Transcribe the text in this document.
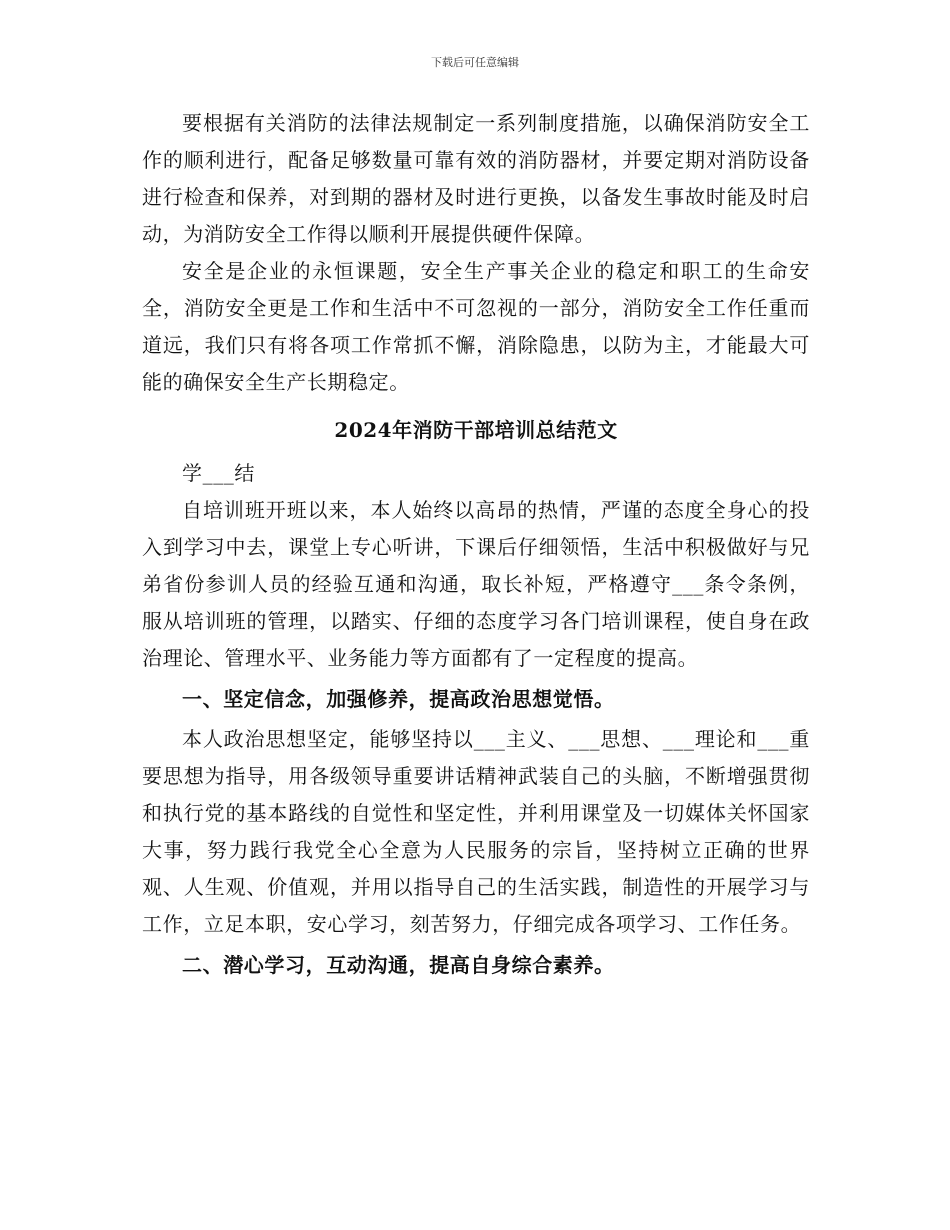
下载后可任意编辑

要根据有关消防的法律法规制定一系列制度措施，以确保消防安全工作的顺利进行，配备足够数量可靠有效的消防器材，并要定期对消防设备进行检查和保养，对到期的器材及时进行更换，以备发生事故时能及时启动，为消防安全工作得以顺利开展提供硬件保障。

安全是企业的永恒课题，安全生产事关企业的稳定和职工的生命安全，消防安全更是工作和生活中不可忽视的一部分，消防安全工作任重而道远，我们只有将各项工作常抓不懈，消除隐患，以防为主，才能最大可能的确保安全生产长期稳定。

2024年消防干部培训总结范文

学___结

自培训班开班以来，本人始终以高昂的热情，严谨的态度全身心的投入到学习中去，课堂上专心听讲，下课后仔细领悟，生活中积极做好与兄弟省份参训人员的经验互通和沟通，取长补短，严格遵守___条令条例，服从培训班的管理，以踏实、仔细的态度学习各门培训课程，使自身在政治理论、管理水平、业务能力等方面都有了一定程度的提高。

一、坚定信念，加强修养，提高政治思想觉悟。

本人政治思想坚定，能够坚持以___主义、___思想、___理论和___重要思想为指导，用各级领导重要讲话精神武装自己的头脑，不断增强贯彻和执行党的基本路线的自觉性和坚定性，并利用课堂及一切媒体关怀国家大事，努力践行我党全心全意为人民服务的宗旨，坚持树立正确的世界观、人生观、价值观，并用以指导自己的生活实践，制造性的开展学习与工作，立足本职，安心学习，刻苦努力，仔细完成各项学习、工作任务。

二、潜心学习，互动沟通，提高自身综合素养。
